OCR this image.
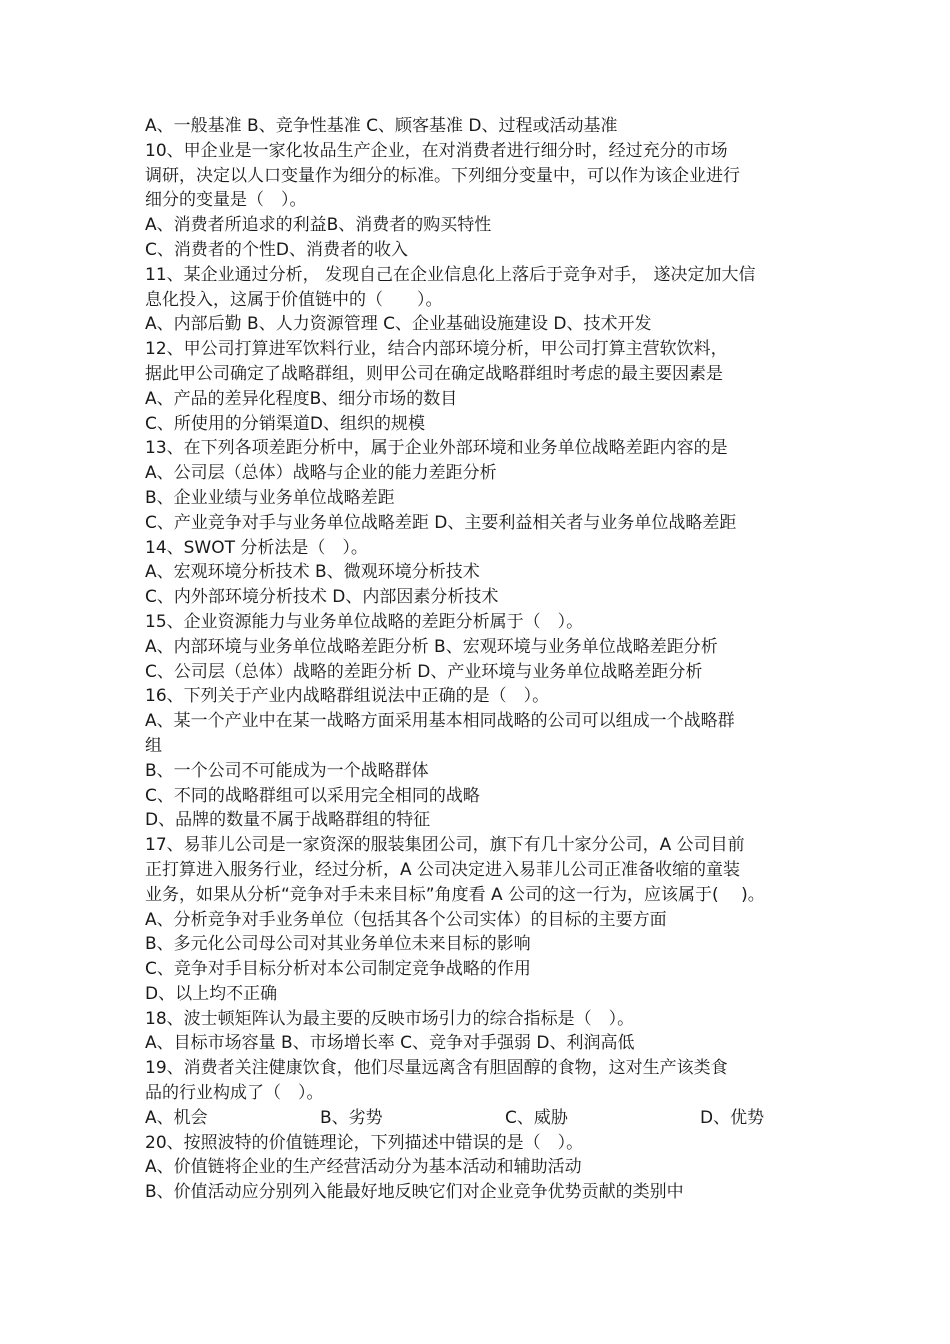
A、一般基准 B、竞争性基准 C、顾客基准 D、过程或活动基准
10、甲企业是一家化妆品生产企业，在对消费者进行细分时，经过充分的市场
调研，决定以人口变量作为细分的标准。下列细分变量中，可以作为该企业进行
细分的变量是（　）。
A、消费者所追求的利益B、消费者的购买特性
C、消费者的个性D、消费者的收入
11、某企业通过分析， 发现自己在企业信息化上落后于竞争对手， 遂决定加大信
息化投入，这属于价值链中的（　　）。
A、内部后勤 B、人力资源管理 C、企业基础设施建设 D、技术开发
12、甲公司打算进军饮料行业，结合内部环境分析，甲公司打算主营软饮料，
据此甲公司确定了战略群组，则甲公司在确定战略群组时考虑的最主要因素是
A、产品的差异化程度B、细分市场的数目
C、所使用的分销渠道D、组织的规模
13、在下列各项差距分析中，属于企业外部环境和业务单位战略差距内容的是
A、公司层（总体）战略与企业的能力差距分析
B、企业业绩与业务单位战略差距
C、产业竞争对手与业务单位战略差距 D、主要利益相关者与业务单位战略差距
14、SWOT 分析法是（　）。
A、宏观环境分析技术 B、微观环境分析技术
C、内外部环境分析技术 D、内部因素分析技术
15、企业资源能力与业务单位战略的差距分析属于（　）。
A、内部环境与业务单位战略差距分析 B、宏观环境与业务单位战略差距分析
C、公司层（总体）战略的差距分析 D、产业环境与业务单位战略差距分析
16、下列关于产业内战略群组说法中正确的是（　）。
A、某一个产业中在某一战略方面采用基本相同战略的公司可以组成一个战略群
组
B、一个公司不可能成为一个战略群体
C、不同的战略群组可以采用完全相同的战略
D、品牌的数量不属于战略群组的特征
17、易菲儿公司是一家资深的服装集团公司，旗下有几十家分公司，A 公司目前
正打算进入服务行业，经过分析，A 公司决定进入易菲儿公司正准备收缩的童装
业务，如果从分析“竞争对手未来目标”角度看 A 公司的这一行为，应该属于(　 )。
A、分析竞争对手业务单位（包括其各个公司实体）的目标的主要方面
B、多元化公司母公司对其业务单位未来目标的影响
C、竞争对手目标分析对本公司制定竞争战略的作用
D、以上均不正确
18、波士顿矩阵认为最主要的反映市场引力的综合指标是（　）。
A、目标市场容量 B、市场增长率 C、竞争对手强弱 D、利润高低
19、消费者关注健康饮食，他们尽量远离含有胆固醇的食物，这对生产该类食
品的行业构成了（　）。
A、机会	B、劣势	C、威胁	D、优势
20、按照波特的价值链理论，下列描述中错误的是（　）。
A、价值链将企业的生产经营活动分为基本活动和辅助活动
B、价值活动应分别列入能最好地反映它们对企业竞争优势贡献的类别中
